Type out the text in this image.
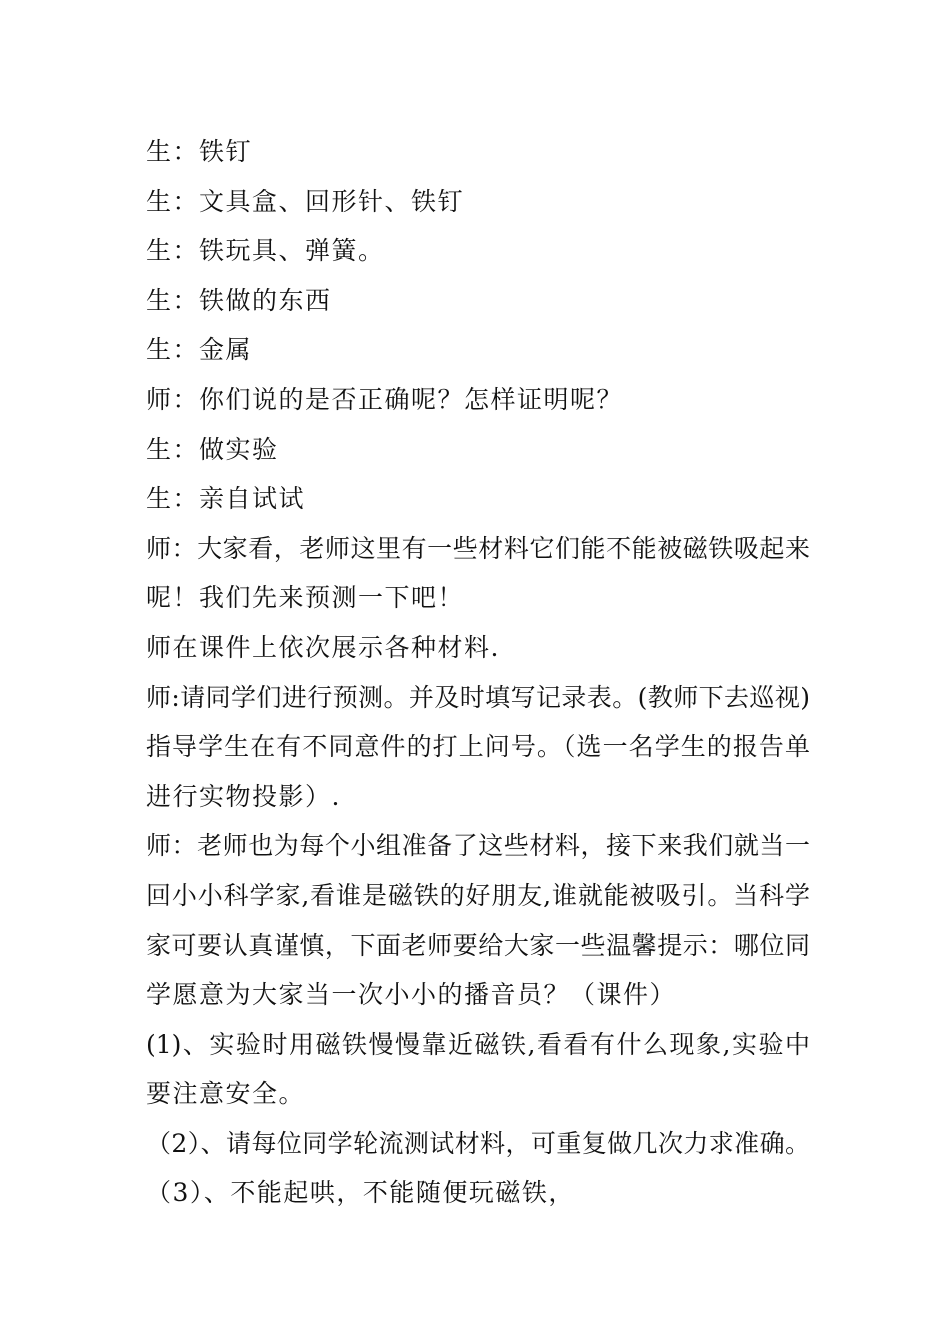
生：铁钉
生：文具盒、回形针、铁钉
生：铁玩具、弹簧。
生：铁做的东西
生：金属
师：你们说的是否正确呢？怎样证明呢？
生：做实验
生：亲自试试
师：大家看，老师这里有一些材料它们能不能被磁铁吸起来
呢！我们先来预测一下吧！
师在课件上依次展示各种材料.
师:请同学们进行预测。并及时填写记录表。(教师下去巡视)
指导学生在有不同意件的打上问号。（选一名学生的报告单
进行实物投影）.
师：老师也为每个小组准备了这些材料，接下来我们就当一
回小小科学家,看谁是磁铁的好朋友,谁就能被吸引。当科学
家可要认真谨慎，下面老师要给大家一些温馨提示：哪位同
学愿意为大家当一次小小的播音员？（课件）
(1)、实验时用磁铁慢慢靠近磁铁,看看有什么现象,实验中
要注意安全。
（2）、请每位同学轮流测试材料，可重复做几次力求准确。
（3）、不能起哄，不能随便玩磁铁，
